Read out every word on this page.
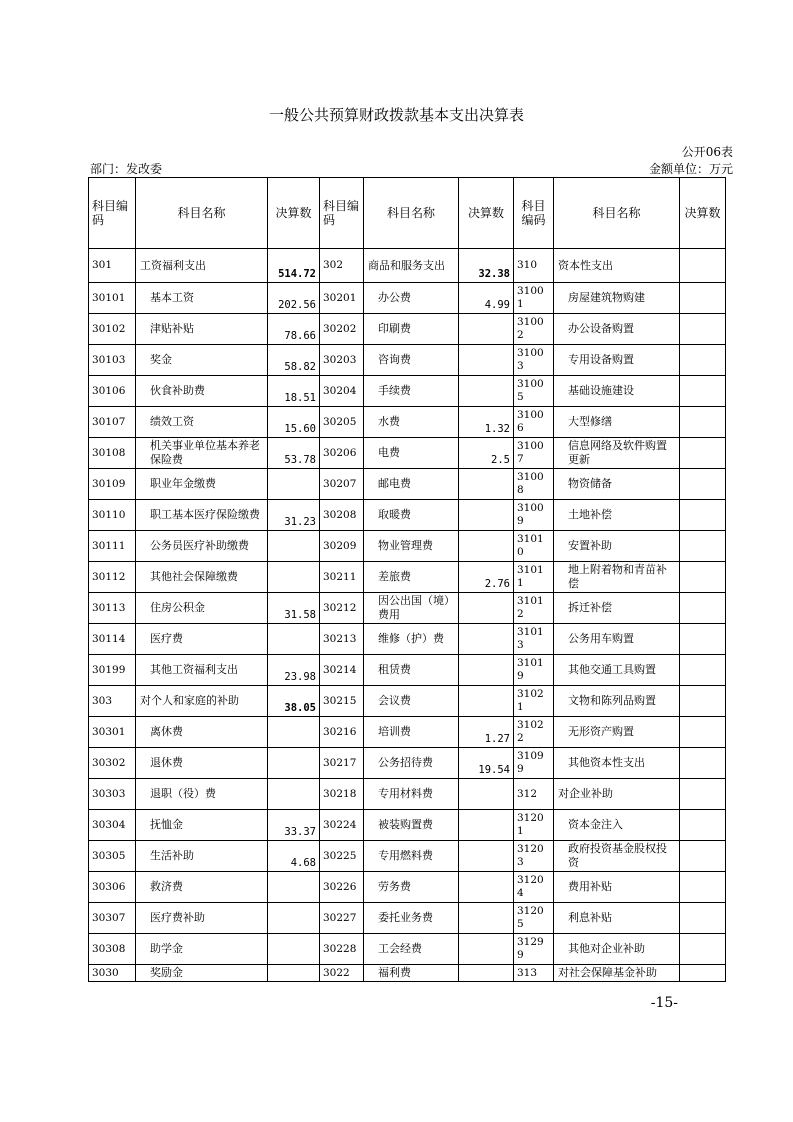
一般公共预算财政拨款基本支出决算表
公开06表
部门：发改委	金额单位：万元
科目编码	科目名称	决算数	科目编码	科目名称	决算数	科目编码	科目名称	决算数
301	工资福利支出	514.72	302	商品和服务支出	32.38	310	资本性支出	
30101	基本工资	202.56	30201	办公费	4.99	31001	房屋建筑物购建	
30102	津贴补贴	78.66	30202	印刷费		31002	办公设备购置	
30103	奖金	58.82	30203	咨询费		31003	专用设备购置	
30106	伙食补助费	18.51	30204	手续费		31005	基础设施建设	
30107	绩效工资	15.60	30205	水费	1.32	31006	大型修缮	
30108	机关事业单位基本养老保险费	53.78	30206	电费	2.5	31007	信息网络及软件购置更新	
30109	职业年金缴费		30207	邮电费		31008	物资储备	
30110	职工基本医疗保险缴费	31.23	30208	取暖费		31009	土地补偿	
30111	公务员医疗补助缴费		30209	物业管理费		31010	安置补助	
30112	其他社会保障缴费		30211	差旅费	2.76	31011	地上附着物和青苗补偿	
30113	住房公积金	31.58	30212	因公出国（境）费用		31012	拆迁补偿	
30114	医疗费		30213	维修（护）费		31013	公务用车购置	
30199	其他工资福利支出	23.98	30214	租赁费		31019	其他交通工具购置	
303	对个人和家庭的补助	38.05	30215	会议费		31021	文物和陈列品购置	
30301	离休费		30216	培训费	1.27	31022	无形资产购置	
30302	退休费		30217	公务招待费	19.54	31099	其他资本性支出	
30303	退职（役）费		30218	专用材料费		312	对企业补助	
30304	抚恤金	33.37	30224	被装购置费		31201	资本金注入	
30305	生活补助	4.68	30225	专用燃料费		31203	政府投资基金股权投资	
30306	救济费		30226	劳务费		31204	费用补贴	
30307	医疗费补助		30227	委托业务费		31205	利息补贴	
30308	助学金		30228	工会经费		31299	其他对企业补助	
3030	奖励金		3022	福利费		313	对社会保障基金补助	
-15-
